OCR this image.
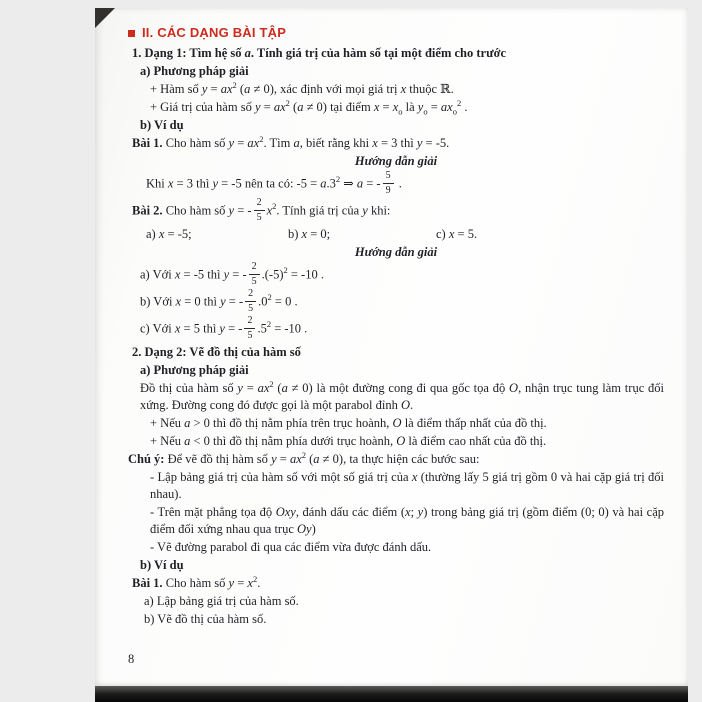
II. CÁC DẠNG BÀI TẬP
1. Dạng 1: Tìm hệ số a. Tính giá trị của hàm số tại một điểm cho trước
a) Phương pháp giải
+ Hàm số $y = ax^2$ (a ≠ 0), xác định với mọi giá trị x thuộc ℝ.
+ Giá trị của hàm số $y = ax^2$ (a ≠ 0) tại điểm $x = x_o$ là $y_o = ax_o^2$ .
b) Ví dụ
Bài 1. Cho hàm số $y = ax^2$. Tìm a, biết rằng khi x = 3 thì y = -5.
Hướng dẫn giải
Khi x = 3 thì y = -5 nên ta có: $-5 = a.3^2$ ⇒ a = - $\frac{5}{9}$ .
Bài 2. Cho hàm số y = - $\frac{2}{5} x^2$. Tính giá trị của y khi:
a) x = -5;	b) x = 0;	c) x = 5.
Hướng dẫn giải
a) Với x = -5 thì y = - $\frac{2}{5} .(-5)^2 = -10$ .
b) Với x = 0 thì y = - $\frac{2}{5} .0^2 = 0$ .
c) Với x = 5 thì y = - $\frac{2}{5} .5^2 = -10$ .
2. Dạng 2: Vẽ đồ thị của hàm số
a) Phương pháp giải
Đồ thị của hàm số $y = ax^2$ (a ≠ 0) là một đường cong đi qua gốc tọa độ O, nhận trục tung làm trục đối xứng. Đường cong đó được gọi là một parabol đỉnh O.
+ Nếu a > 0 thì đồ thị nằm phía trên trục hoành, O là điểm thấp nhất của đồ thị.
+ Nếu a < 0 thì đồ thị nằm phía dưới trục hoành, O là điểm cao nhất của đồ thị.
Chú ý: Để vẽ đồ thị hàm số $y = ax^2$ (a ≠ 0), ta thực hiện các bước sau:
- Lập bảng giá trị của hàm số với một số giá trị của x (thường lấy 5 giá trị gồm 0 và hai cặp giá trị đối nhau).
- Trên mặt phẳng tọa độ Oxy, đánh dấu các điểm (x; y) trong bảng giá trị (gồm điểm (0; 0) và hai cặp điểm đối xứng nhau qua trục Oy)
- Vẽ đường parabol đi qua các điểm vừa được đánh dấu.
b) Ví dụ
Bài 1. Cho hàm số $y = x^2$.
a) Lập bảng giá trị của hàm số.
b) Vẽ đồ thị của hàm số.
8
